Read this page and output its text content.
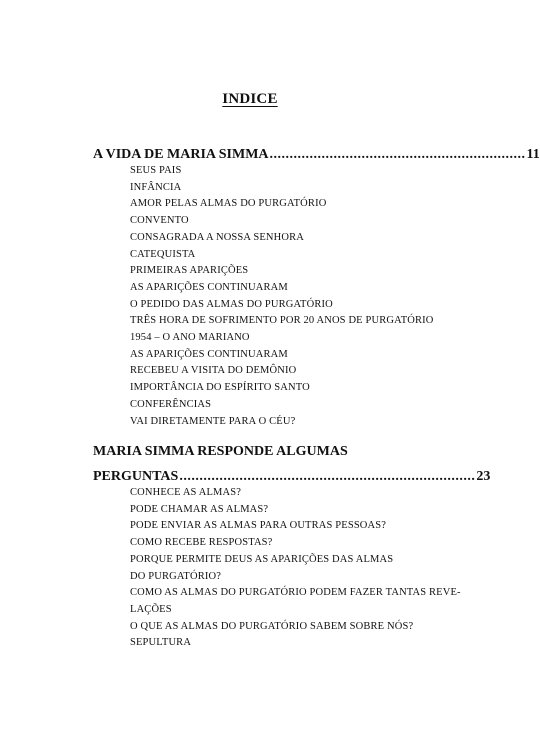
INDICE
A VIDA DE MARIA SIMMA ................................................................ 11
SEUS PAIS
INFÂNCIA
AMOR PELAS ALMAS DO PURGATÓRIO
CONVENTO
CONSAGRADA A NOSSA SENHORA
CATEQUISTA
PRIMEIRAS APARIÇÕES
AS APARIÇÕES CONTINUARAM
O PEDIDO DAS ALMAS DO PURGATÓRIO
TRÊS HORA DE SOFRIMENTO POR 20 ANOS DE PURGATÓRIO
1954 – O ANO MARIANO
AS APARIÇÕES CONTINUARAM
RECEBEU A VISITA DO DEMÔNIO
IMPORTÂNCIA DO ESPÍRITO SANTO
CONFERÊNCIAS
VAI DIRETAMENTE PARA O CÉU?
MARIA SIMMA RESPONDE ALGUMAS
PERGUNTAS .......................................................................... 23
CONHECE AS ALMAS?
PODE CHAMAR AS ALMAS?
PODE ENVIAR AS ALMAS PARA OUTRAS PESSOAS?
COMO RECEBE RESPOSTAS?
PORQUE PERMITE DEUS AS APARIÇÕES DAS ALMAS
DO PURGATÓRIO?
COMO AS ALMAS DO PURGATÓRIO PODEM FAZER TANTAS REVE-
LAÇÕES
O QUE AS ALMAS DO PURGATÓRIO SABEM SOBRE NÓS?
SEPULTURA
